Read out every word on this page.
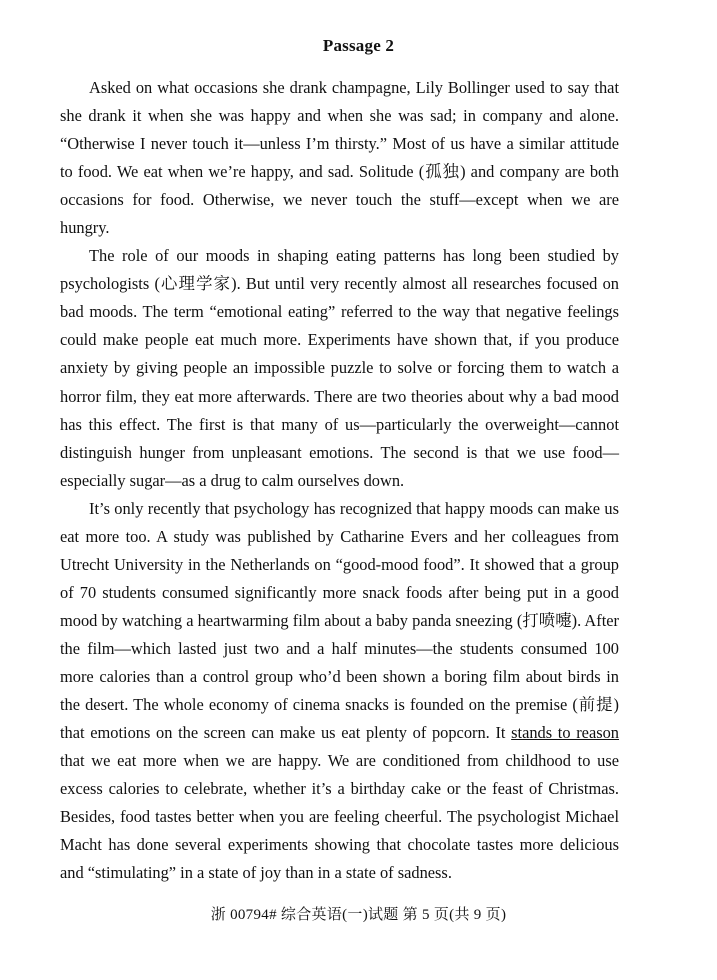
Passage 2

Asked on what occasions she drank champagne, Lily Bollinger used to say that she drank it when she was happy and when she was sad; in company and alone. “Otherwise I never touch it—unless I’m thirsty.” Most of us have a similar attitude to food. We eat when we’re happy, and sad. Solitude (孤独) and company are both occasions for food. Otherwise, we never touch the stuff—except when we are hungry.

The role of our moods in shaping eating patterns has long been studied by psychologists (心理学家). But until very recently almost all researches focused on bad moods. The term “emotional eating” referred to the way that negative feelings could make people eat much more. Experiments have shown that, if you produce anxiety by giving people an impossible puzzle to solve or forcing them to watch a horror film, they eat more afterwards. There are two theories about why a bad mood has this effect. The first is that many of us—particularly the overweight—cannot distinguish hunger from unpleasant emotions. The second is that we use food—especially sugar—as a drug to calm ourselves down.

It’s only recently that psychology has recognized that happy moods can make us eat more too. A study was published by Catharine Evers and her colleagues from Utrecht University in the Netherlands on “good-mood food”. It showed that a group of 70 students consumed significantly more snack foods after being put in a good mood by watching a heartwarming film about a baby panda sneezing (打喷嚏). After the film—which lasted just two and a half minutes—the students consumed 100 more calories than a control group who’d been shown a boring film about birds in the desert. The whole economy of cinema snacks is founded on the premise (前提) that emotions on the screen can make us eat plenty of popcorn. It stands to reason that we eat more when we are happy. We are conditioned from childhood to use excess calories to celebrate, whether it’s a birthday cake or the feast of Christmas. Besides, food tastes better when you are feeling cheerful. The psychologist Michael Macht has done several experiments showing that chocolate tastes more delicious and “stimulating” in a state of joy than in a state of sadness.

浙 00794# 综合英语(一)试题 第 5 页(共 9 页)
